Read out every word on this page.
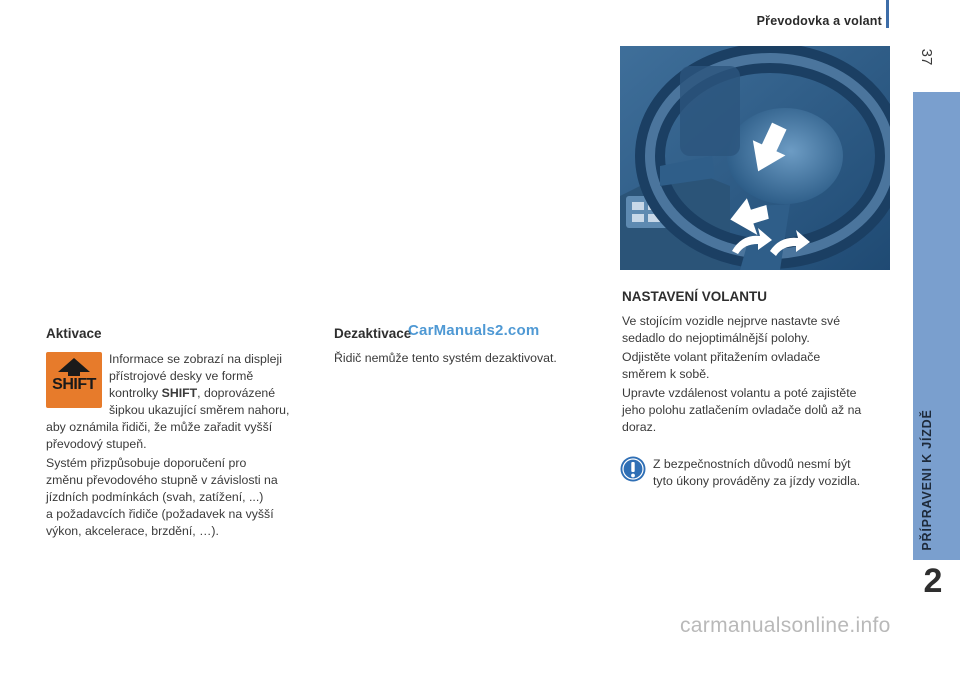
Převodovka a volant
37
PŘÍPRAVENI K JÍZDĚ
2
Aktivace
SHIFT

Informace se zobrazí na displeji

přístrojové desky ve formě

kontrolky SHIFT, doprovázené

šipkou ukazující směrem nahoru,

aby oznámila řidiči, že může zařadit vyšší

převodový stupeň.

Systém přizpůsobuje doporučení pro

změnu převodového stupně v závislosti na

jízdních podmínkách (svah, zatížení, ...)

a požadavcích řidiče (požadavek na vyšší

výkon, akcelerace, brzdění, …).

Dezaktivace

Řidič nemůže tento systém dezaktivovat.

NASTAVENÍ VOLANTU

Ve stojícím vozidle nejprve nastavte své

sedadlo do nejoptimálnější polohy.

Odjistěte volant přitažením ovladače

směrem k sobě.

Upravte vzdálenost volantu a poté zajistěte

jeho polohu zatlačením ovladače dolů až na

doraz.

Z bezpečnostních důvodů nesmí být

tyto úkony prováděny za jízdy vozidla.

CarManuals2.com
carmanualsonline.info
